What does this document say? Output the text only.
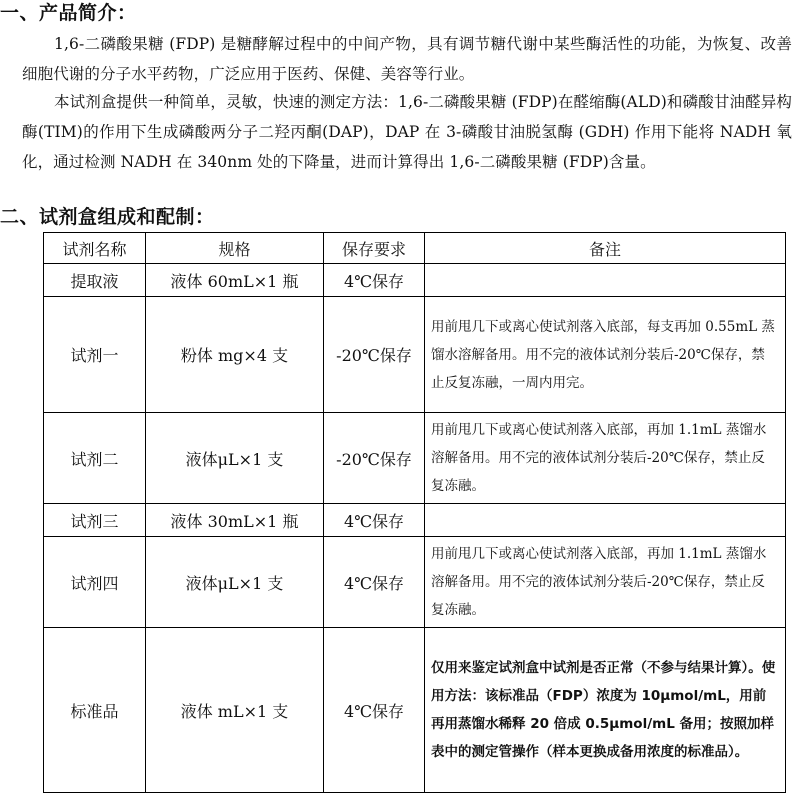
一、产品简介：

1,6-二磷酸果糖 (FDP) 是糖酵解过程中的中间产物，具有调节糖代谢中某些酶活性的功能，为恢复、改善细胞代谢的分子水平药物，广泛应用于医药、保健、美容等行业。

本试剂盒提供一种简单，灵敏，快速的测定方法：1,6-二磷酸果糖 (FDP)在醛缩酶(ALD)和磷酸甘油醛异构酶(TIM)的作用下生成磷酸两分子二羟丙酮(DAP)，DAP 在 3-磷酸甘油脱氢酶 (GDH) 作用下能将 NADH 氧化，通过检测 NADH 在 340nm 处的下降量，进而计算得出 1,6-二磷酸果糖 (FDP)含量。

二、试剂盒组成和配制：
试剂名称	规格	保存要求	备注
提取液	液体 60mL×1 瓶	4℃保存	
试剂一	粉体 mg×4 支	-20℃保存	用前甩几下或离心使试剂落入底部，每支再加 0.55mL 蒸馏水溶解备用。用不完的液体试剂分装后-20℃保存，禁止反复冻融，一周内用完。
试剂二	液体μL×1 支	-20℃保存	用前甩几下或离心使试剂落入底部，再加 1.1mL 蒸馏水溶解备用。用不完的液体试剂分装后-20℃保存，禁止反复冻融。
试剂三	液体 30mL×1 瓶	4℃保存	
试剂四	液体μL×1 支	4℃保存	用前甩几下或离心使试剂落入底部，再加 1.1mL 蒸馏水溶解备用。用不完的液体试剂分装后-20℃保存，禁止反复冻融。
标准品	液体 mL×1 支	4℃保存	仅用来鉴定试剂盒中试剂是否正常（不参与结果计算）。使用方法：该标准品（FDP）浓度为 10μmol/mL，用前再用蒸馏水稀释 20 倍成 0.5μmol/mL 备用；按照加样表中的测定管操作（样本更换成备用浓度的标准品）。
